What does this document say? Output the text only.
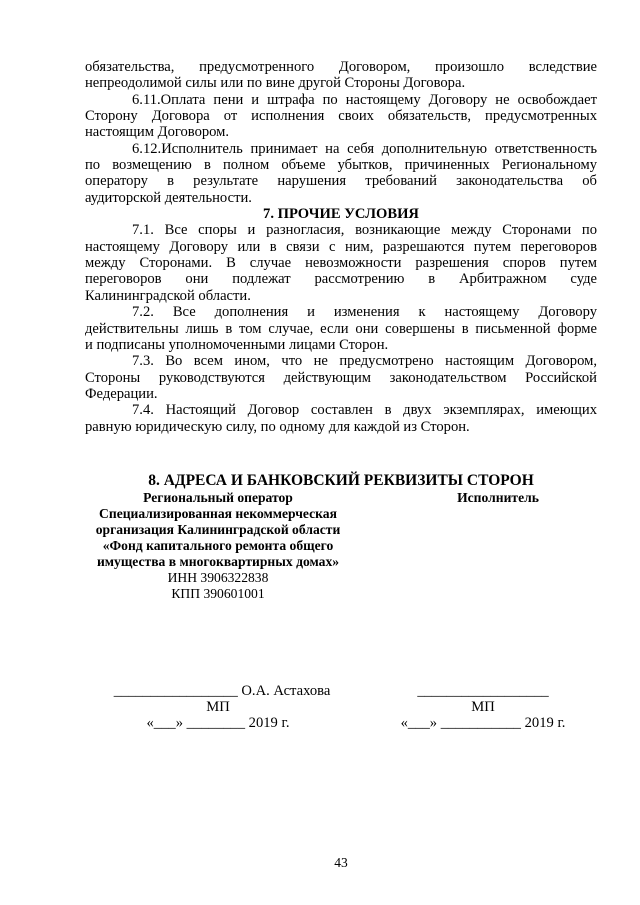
обязательства, предусмотренного Договором, произошло вследствие
непреодолимой силы или по вине другой Стороны Договора.
6.11.Оплата пени и штрафа по настоящему Договору не освобождает
Сторону Договора от исполнения своих обязательств, предусмотренных
настоящим Договором.
6.12.Исполнитель принимает на себя дополнительную ответственность
по возмещению в полном объеме убытков, причиненных Региональному
оператору в результате нарушения требований законодательства об
аудиторской деятельности.
7. ПРОЧИЕ УСЛОВИЯ
7.1. Все споры и разногласия, возникающие между Сторонами по
настоящему Договору или в связи с ним, разрешаются путем переговоров
между Сторонами. В случае невозможности разрешения споров путем
переговоров они подлежат рассмотрению в Арбитражном суде
Калининградской области.
7.2. Все дополнения и изменения к настоящему Договору
действительны лишь в том случае, если они совершены в письменной форме
и подписаны уполномоченными лицами Сторон.
7.3. Во всем ином, что не предусмотрено настоящим Договором,
Стороны руководствуются действующим законодательством Российской
Федерации.
7.4. Настоящий Договор составлен в двух экземплярах, имеющих
равную юридическую силу, по одному для каждой из Сторон.
8. АДРЕСА И БАНКОВСКИЙ РЕКВИЗИТЫ СТОРОН
Региональный оператор	Исполнитель
Специализированная некоммерческая
организация Калининградской области
«Фонд капитального ремонта общего
имущества в многоквартирных домах»
ИНН 3906322838
КПП 390601001
_________________ О.А. Астахова
МП
«___» ________ 2019 г.
__________________
МП
«___» ___________ 2019 г.
43
